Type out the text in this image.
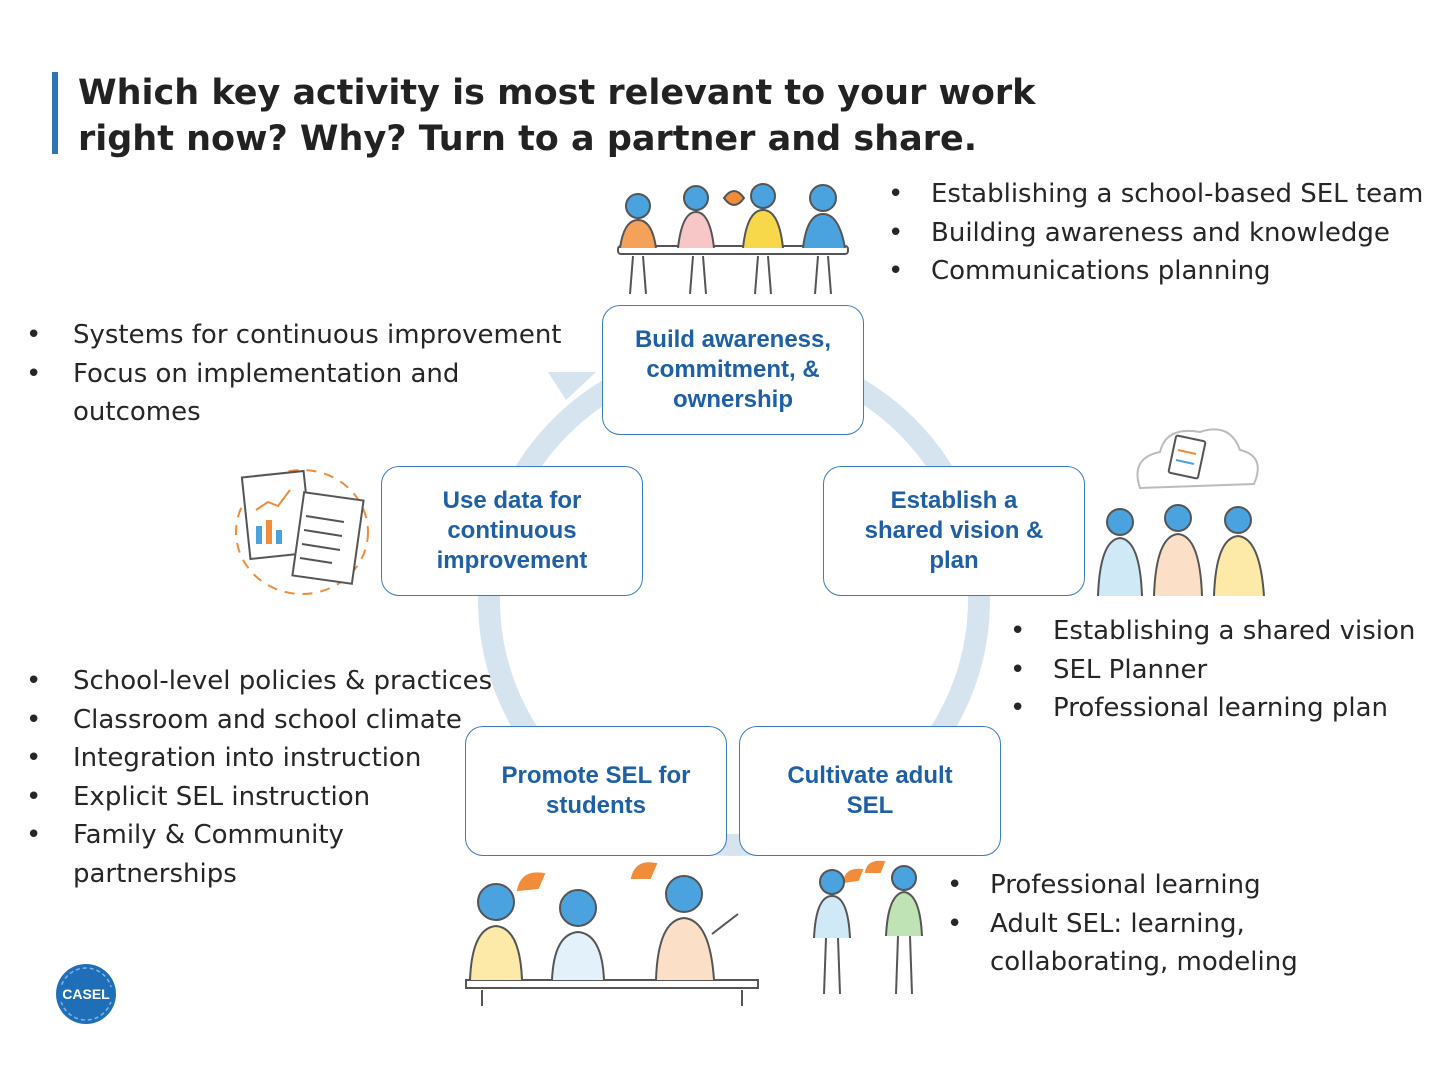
Which key activity is most relevant to your work right now? Why? Turn to a partner and share.
Build awareness,
commitment, &
ownership
Establish a
shared vision &
plan
Cultivate adult
SEL
Promote SEL for
students
Use data for
continuous
improvement
• Establishing a school-based SEL team
• Building awareness and knowledge
• Communications planning
• Systems for continuous improvement
• Focus on implementation and outcomes
• Establishing a shared vision
• SEL Planner
• Professional learning plan
• School-level policies & practices
• Classroom and school climate
• Integration into instruction
• Explicit SEL instruction
• Family & Community partnerships
•	Professional learning
• Adult SEL: learning, collaborating, modeling
CASEL
